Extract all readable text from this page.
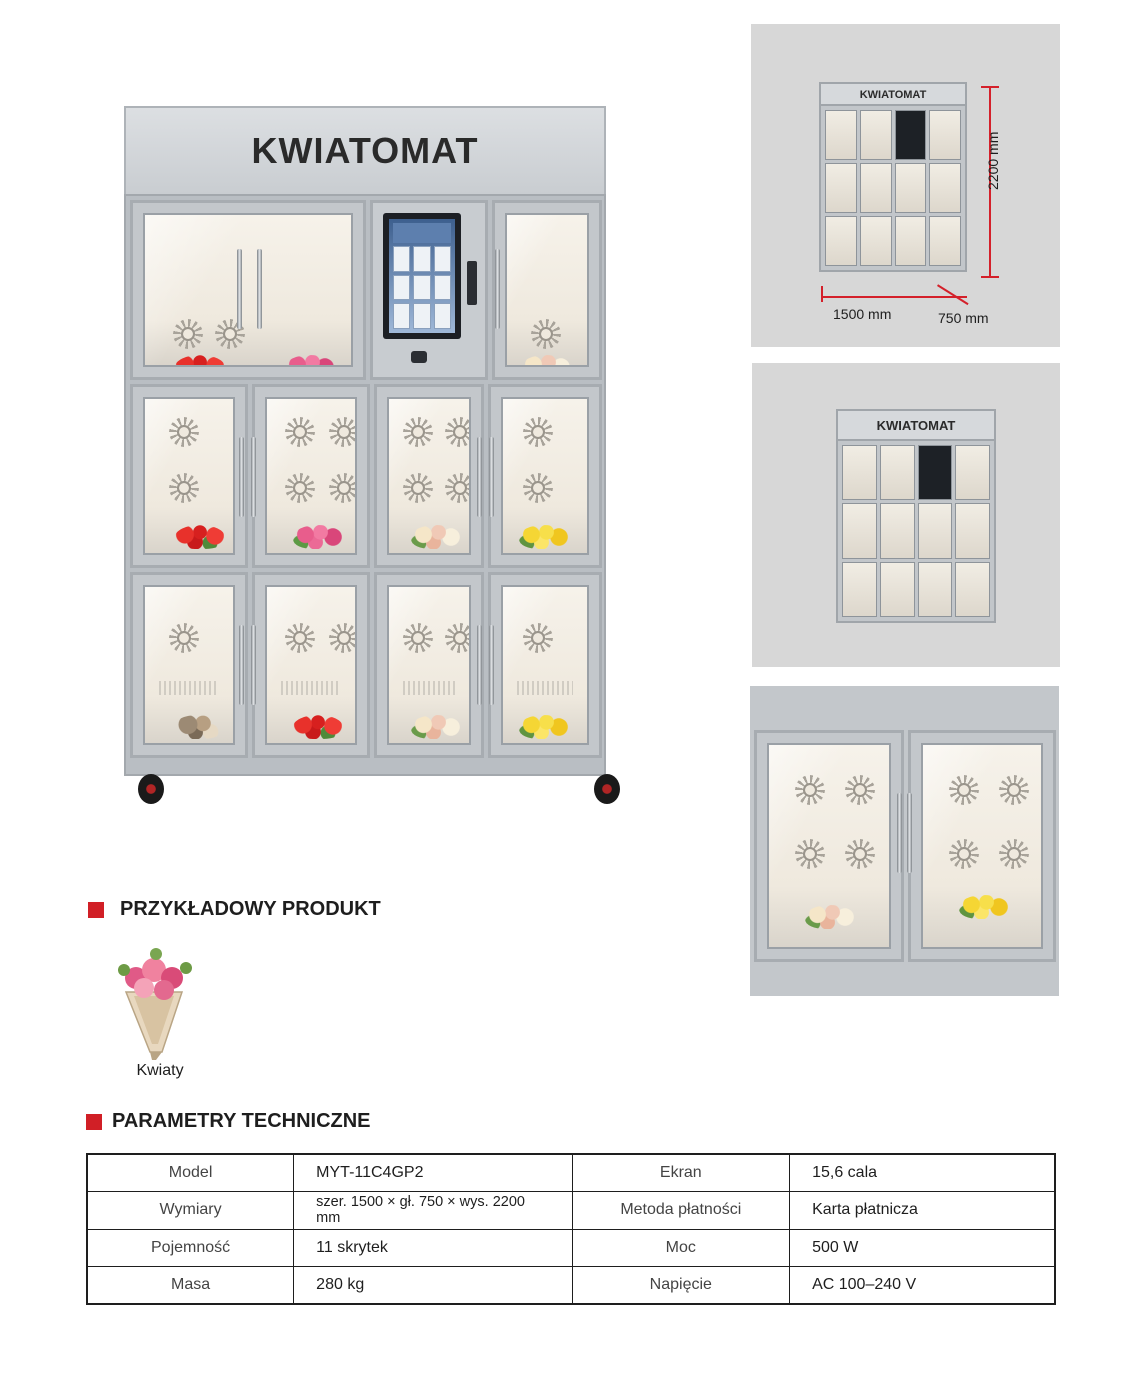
KWIATOMAT
KWIATOMAT
2200 mm
1500 mm	750 mm
KWIATOMAT
PRZYKŁADOWY PRODUKT
Kwiaty
PARAMETRY TECHNICZNE
Model	MYT-11C4GP2	Ekran	15,6 cala
Wymiary	szer. 1500 × gł. 750 × wys. 2200 mm	Metoda płatności	Karta płatnicza
Pojemność	11 skrytek	Moc	500 W
Masa	280 kg	Napięcie	AC 100–240 V
